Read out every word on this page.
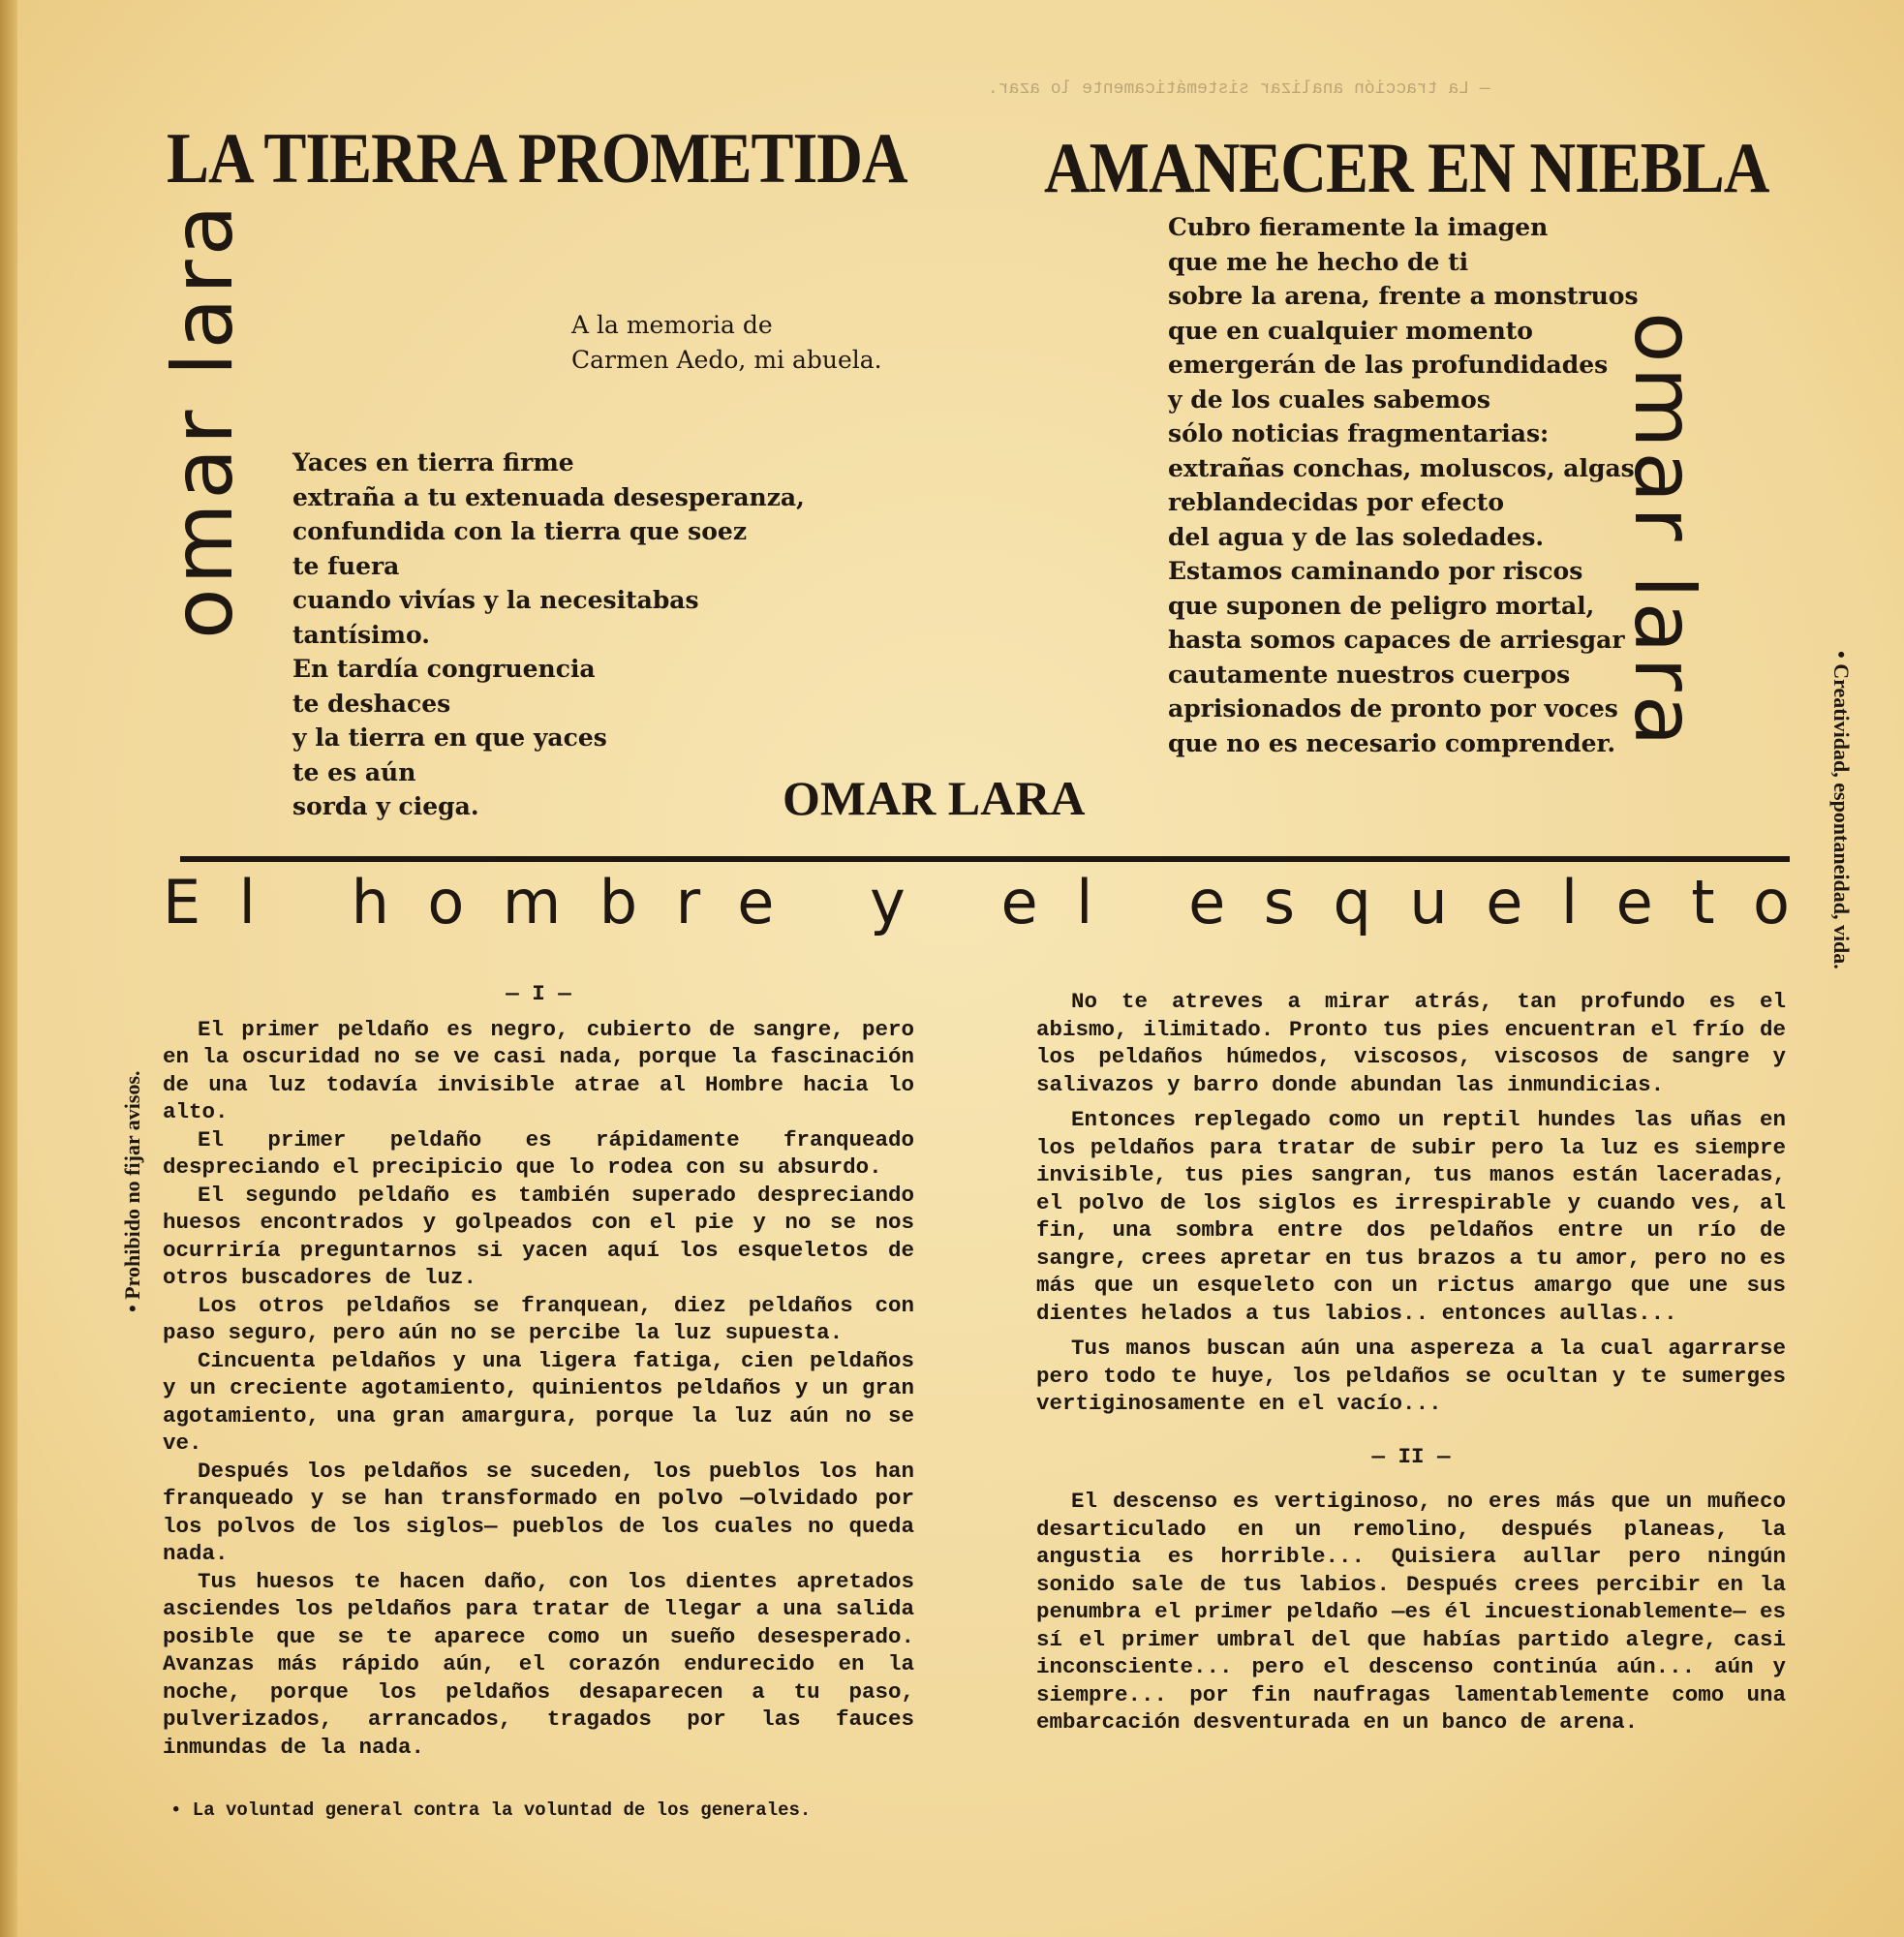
— La tracción analizar sistemáticamente lo azar.
LA TIERRA PROMETIDA
omar lara	A la memoria de
Carmen Aedo, mi abuela.
Yaces en tierra firme
extraña a tu extenuada desesperanza,
confundida con la tierra que soez
te fuera
cuando vivías y la necesitabas
tantísimo.
En tardía congruencia
te deshaces
y la tierra en que yaces
te es aún
sorda y ciega.	OMAR LARA
AMANECER EN NIEBLA
omar lara
Cubro fieramente la imagen
que me he hecho de ti
sobre la arena, frente a monstruos
que en cualquier momento
emergerán de las profundidades
y de los cuales sabemos
sólo noticias fragmentarias:
extrañas conchas, moluscos, algas
reblandecidas por efecto
del agua y de las soledades.
Estamos caminando por riscos
que suponen de peligro mortal,
hasta somos capaces de arriesgar
cautamente nuestros cuerpos
aprisionados de pronto por voces
que no es necesario comprender.
El hombre y el esqueleto
— I —

El primer peldaño es negro, cubierto de sangre, pero en la oscuridad no se ve casi nada, porque la fascinación de una luz todavía invisible atrae al Hombre hacia lo alto.

El primer peldaño es rápidamente franqueado despreciando el precipicio que lo rodea con su absurdo.

El segundo peldaño es también superado despreciando huesos encontrados y golpeados con el pie y no se nos ocurriría preguntarnos si yacen aquí los esqueletos de otros buscadores de luz.

Los otros peldaños se franquean, diez peldaños con paso seguro, pero aún no se percibe la luz supuesta.

Cincuenta peldaños y una ligera fatiga, cien peldaños y un creciente agotamiento, quinientos peldaños y un gran agotamiento, una gran amargura, porque la luz aún no se ve.

Después los peldaños se suceden, los pueblos los han franqueado y se han transformado en polvo —olvidado por los polvos de los siglos— pueblos de los cuales no queda nada.

Tus huesos te hacen daño, con los dientes apretados asciendes los peldaños para tratar de llegar a una salida posible que se te aparece como un sueño desesperado. Avanzas más rápido aún, el corazón endurecido en la noche, porque los peldaños desaparecen a tu paso, pulverizados, arrancados, tragados por las fauces inmundas de la nada.

No te atreves a mirar atrás, tan profundo es el abismo, ilimitado. Pronto tus pies encuentran el frío de los peldaños húmedos, viscosos, viscosos de sangre y salivazos y barro donde abundan las inmundicias.

Entonces replegado como un reptil hundes las uñas en los peldaños para tratar de subir pero la luz es siempre invisible, tus pies sangran, tus manos están laceradas, el polvo de los siglos es irrespirable y cuando ves, al fin, una sombra entre dos peldaños entre un río de sangre, crees apretar en tus brazos a tu amor, pero no es más que un esqueleto con un rictus amargo que une sus dientes helados a tus labios.. entonces aullas...

Tus manos buscan aún una aspereza a la cual agarrarse pero todo te huye, los peldaños se ocultan y te sumerges vertiginosamente en el vacío...

— II —

El descenso es vertiginoso, no eres más que un muñeco desarticulado en un remolino, después planeas, la angustia es horrible... Quisiera aullar pero ningún sonido sale de tus labios. Después crees percibir en la penumbra el primer peldaño —es él incuestionablemente— es sí el primer umbral del que habías partido alegre, casi inconsciente... pero el descenso continúa aún... aún y siempre... por fin naufragas lamentablemente como una embarcación desventurada en un banco de arena.

• Prohibido no fijar avisos.
• Creatividad, espontaneidad, vida.
• La voluntad general contra la voluntad de los generales.
